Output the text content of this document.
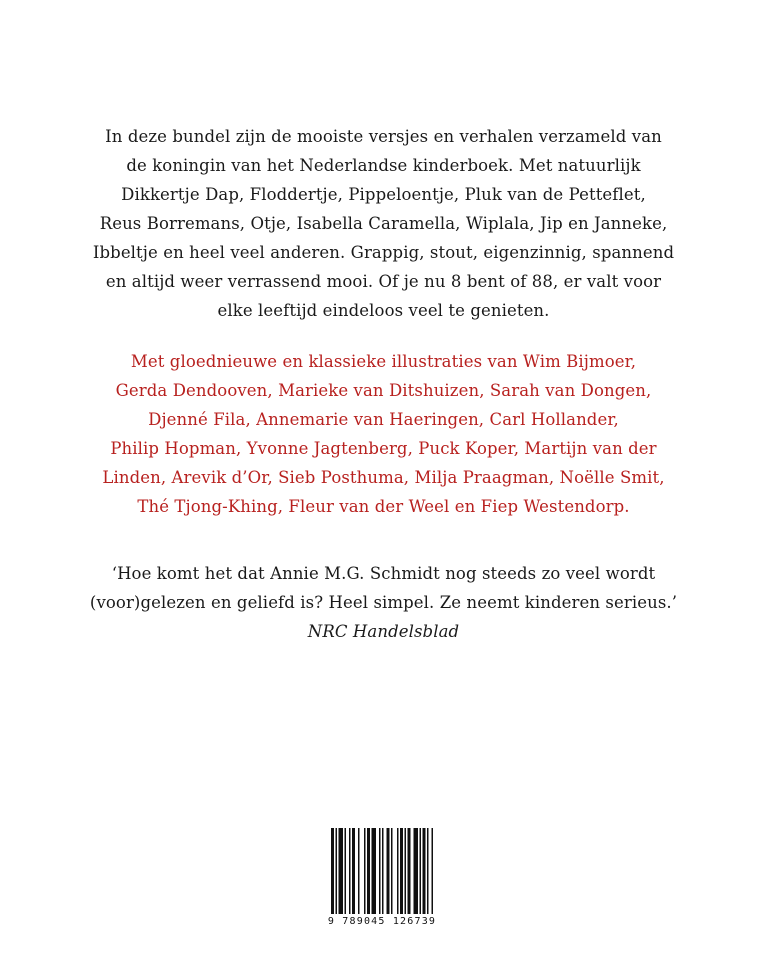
In deze bundel zijn de mooiste versjes en verhalen verzameld van
de koningin van het Nederlandse kinderboek. Met natuurlijk
Dikkertje Dap, Floddertje, Pippeloentje, Pluk van de Petteflet,
Reus Borremans, Otje, Isabella Caramella, Wiplala, Jip en Janneke,
Ibbeltje en heel veel anderen. Grappig, stout, eigenzinnig, spannend
en altijd weer verrassend mooi. Of je nu 8 bent of 88, er valt voor
elke leeftijd eindeloos veel te genieten.
Met gloednieuwe en klassieke illustraties van Wim Bijmoer,
Gerda Dendooven, Marieke van Ditshuizen, Sarah van Dongen,
Djenné Fila, Annemarie van Haeringen, Carl Hollander,
Philip Hopman, Yvonne Jagtenberg, Puck Koper, Martijn van der
Linden, Arevik d’Or, Sieb Posthuma, Milja Praagman, Noëlle Smit,
Thé Tjong-Khing, Fleur van der Weel en Fiep Westendorp.
‘Hoe komt het dat Annie M.G. Schmidt nog steeds zo veel wordt
(voor)gelezen en geliefd is? Heel simpel. Ze neemt kinderen serieus.’
NRC Handelsblad
9 789045 126739
